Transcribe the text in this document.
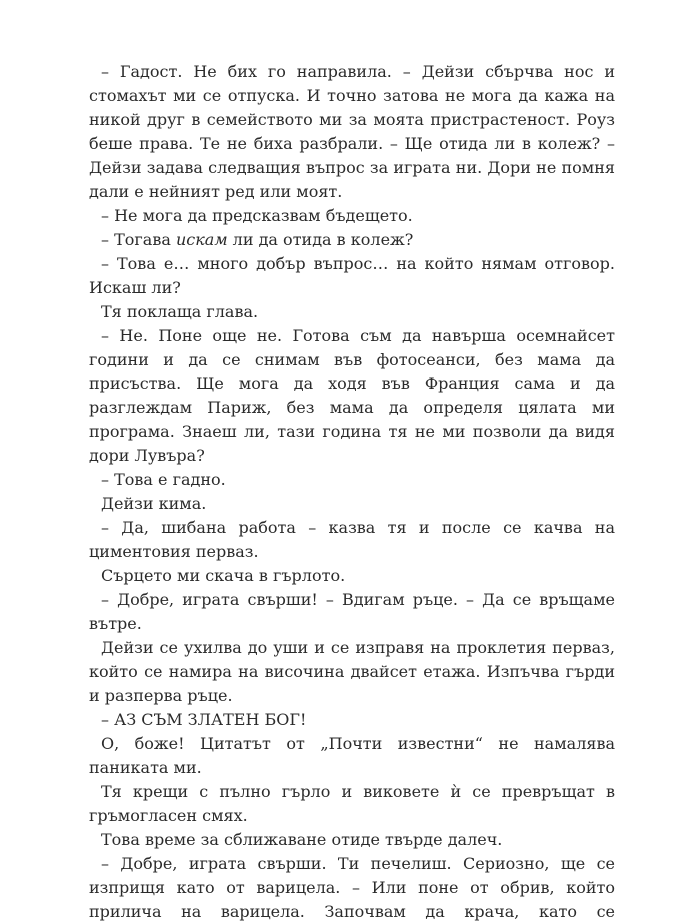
– Гадост. Не бих го направила. – Дейзи сбърчва нос и стомахът ми се отпуска. И точно затова не мога да кажа на никой друг в семейството ми за моята пристрастеност. Роуз беше права. Те не биха разбрали. – Ще отида ли в колеж? – Дейзи задава следващия въпрос за играта ни. Дори не помня дали е нейният ред или моят.

– Не мога да предсказвам бъдещето.

– Тогава искам ли да отида в колеж?

– Това е… много добър въпрос… на който нямам отговор. Искаш ли?

Тя поклаща глава.

– Не. Поне още не. Готова съм да навърша осемнайсет години и да се снимам във фотосеанси, без мама да присъства. Ще мога да ходя във Франция сама и да разглеждам Париж, без мама да определя цялата ми програма. Знаеш ли, тази година тя не ми позволи да видя дори Лувъра?

– Това е гадно.

Дейзи кима.

– Да, шибана работа – казва тя и после се качва на циментовия перваз.

Сърцето ми скача в гърлото.

– Добре, играта свърши! – Вдигам ръце. – Да се връщаме вътре.

Дейзи се ухилва до уши и се изправя на проклетия перваз, който се намира на височина двайсет етажа. Изпъчва гърди и разперва ръце.

– АЗ СЪМ ЗЛАТЕН БОГ!

О, боже! Цитатът от „Почти известни“ не намалява паниката ми.

Тя крещи с пълно гърло и виковете ѝ се превръщат в гръмогласен смях.

Това време за сближаване отиде твърде далеч.

– Добре, играта свърши. Ти печелиш. Сериозно, ще се изприщя като от варицела. – Или поне от обрив, който прилича на варицела. Започвам да крача, като се
